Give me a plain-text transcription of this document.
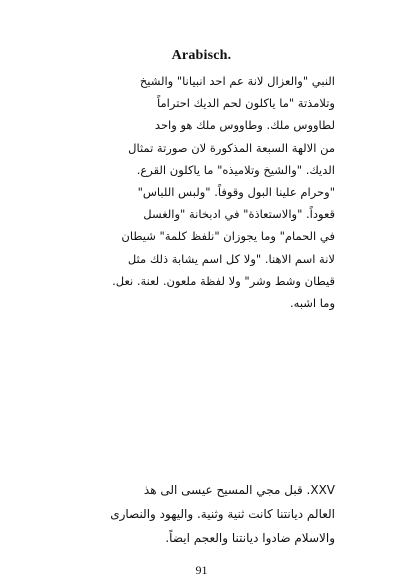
Arabisch.
النبي "والعزال لانة عم احد انبيانا" والشيخ
وتلامذتة "ما ياكلون لحم الديك احتراماً
لطاووس ملك. وطاووس ملك هو واحد
من الالهة السبعة المذكورة لان صورتة تمثال
الديك. "والشيخ وتلاميذه" ما ياكلون القرع.
"وحرام علينا البول وقوفاً. "ولبس اللباس"
قعوداً. "والاستعاذة" في ادبخانة "والغسل
في الحمام" وما يجوزان "نلفظ كلمة" شيطان
لانة اسم الاهنا. "ولا كل اسم يشابة ذلك مثل
قيطان وشط وشر" ولا لفظة ملعون. لعنة. نعل.
وما اشبه.
XXV. قبل مجي المسيح عيسى الى هذ
العالم ديانتنا كانت ثنية وثنية. واليهود والنصارى
والاسلام ضادوا ديانتنا والعجم ايضاً.
91
